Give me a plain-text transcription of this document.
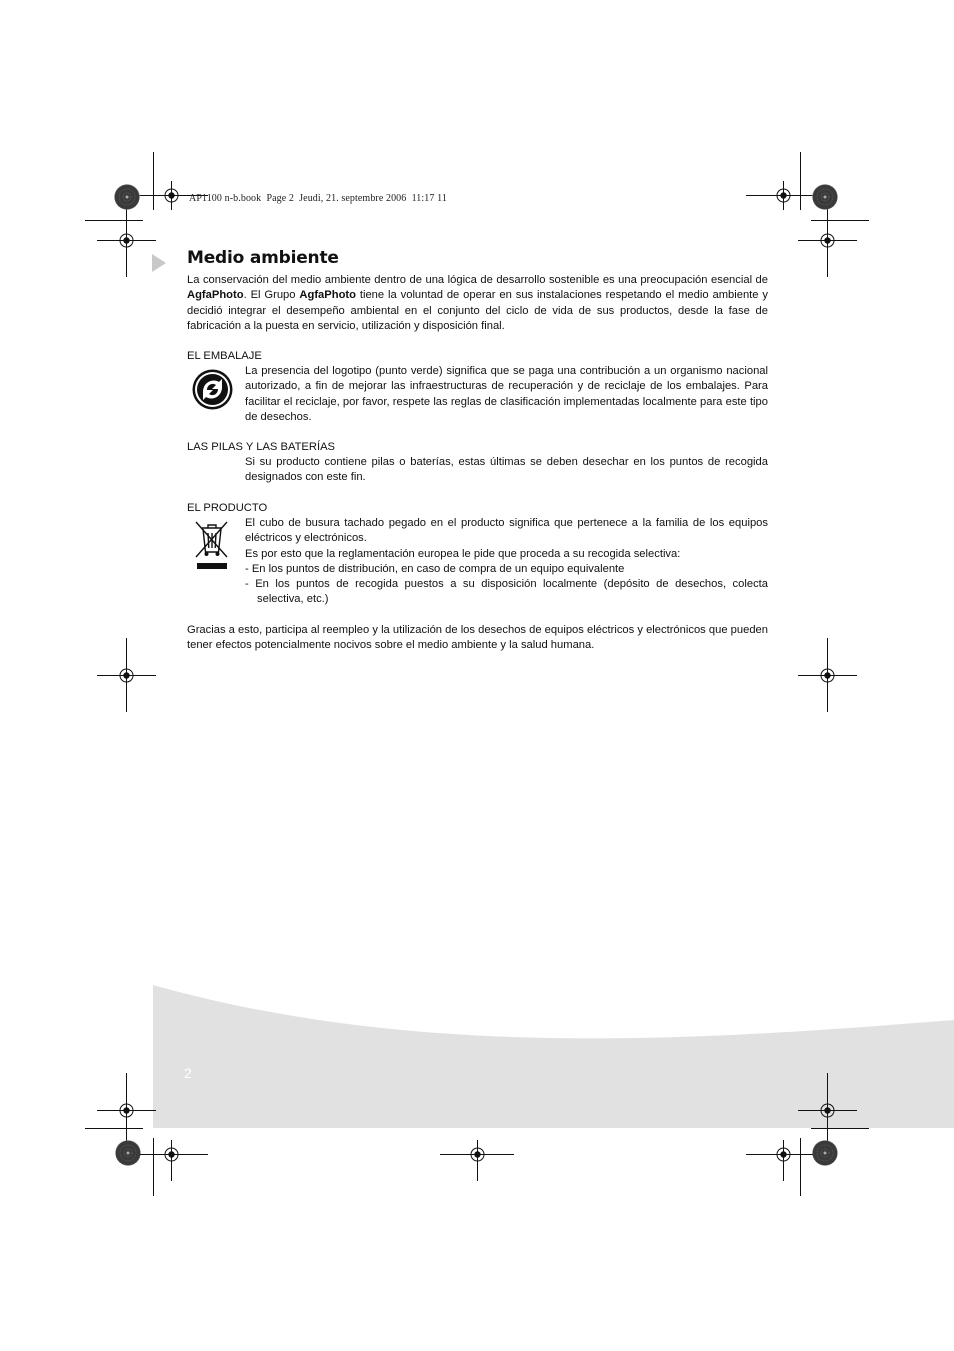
AP1100 n-b.book  Page 2  Jeudi, 21. septembre 2006  11:17 11
Medio ambiente

La conservación del medio ambiente dentro de una lógica de desarrollo sostenible es una preocupación esencial de AgfaPhoto. El Grupo AgfaPhoto tiene la voluntad de operar en sus instalaciones respetando el medio ambiente y decidió integrar el desempeño ambiental en el conjunto del ciclo de vida de sus productos, desde la fase de fabricación a la puesta en servicio, utilización y disposición final.

EL EMBALAJE

La presencia del logotipo (punto verde) significa que se paga una contribución a un organismo nacional autorizado, a fin de mejorar las infraestructuras de recuperación y de reciclaje de los embalajes. Para facilitar el reciclaje, por favor, respete las reglas de clasificación implementadas localmente para este tipo de desechos.

LAS PILAS Y LAS BATERÍAS

Si su producto contiene pilas o baterías, estas últimas se deben desechar en los puntos de recogida designados con este fin.

EL PRODUCTO

El cubo de busura tachado pegado en el producto significa que pertenece a la familia de los equipos eléctricos y electrónicos.
Es por esto que la reglamentación europea le pide que proceda a su recogida selectiva:
- En los puntos de distribución, en caso de compra de un equipo equivalente
- En los puntos de recogida puestos a su disposición localmente (depósito de desechos, colecta selectiva, etc.)

Gracias a esto, participa al reempleo y la utilización de los desechos de equipos eléctricos y electrónicos que pueden tener efectos potencialmente nocivos sobre el medio ambiente y la salud humana.

2
